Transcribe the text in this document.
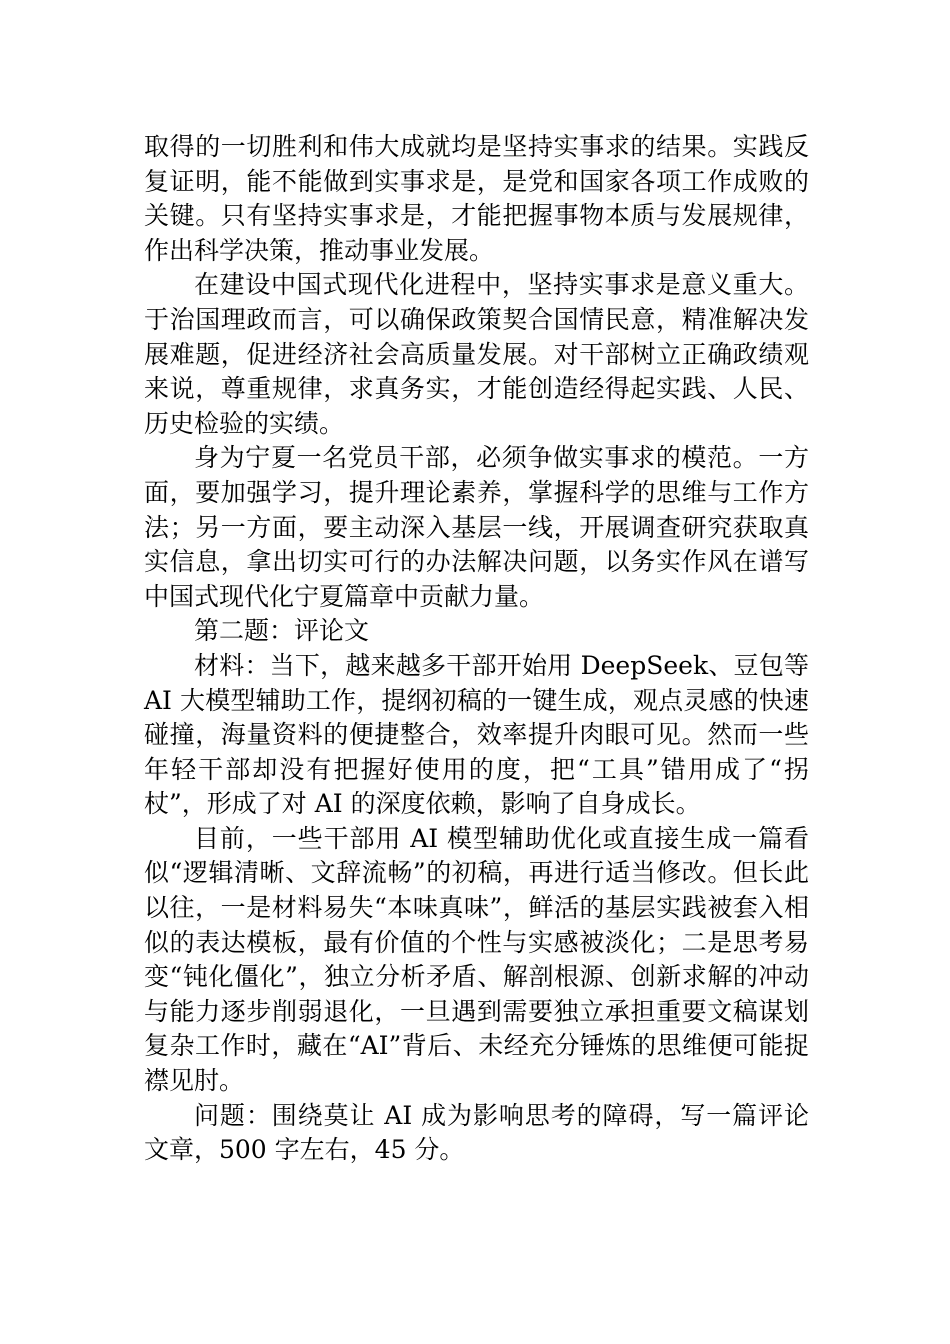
取得的一切胜利和伟大成就均是坚持实事求的结果。实践反复证明，能不能做到实事求是，是党和国家各项工作成败的关键。只有坚持实事求是，才能把握事物本质与发展规律，作出科学决策，推动事业发展。

在建设中国式现代化进程中，坚持实事求是意义重大。于治国理政而言，可以确保政策契合国情民意，精准解决发展难题，促进经济社会高质量发展。对干部树立正确政绩观来说，尊重规律，求真务实，才能创造经得起实践、人民、历史检验的实绩。

身为宁夏一名党员干部，必须争做实事求的模范。一方面，要加强学习，提升理论素养，掌握科学的思维与工作方法；另一方面，要主动深入基层一线，开展调查研究获取真实信息，拿出切实可行的办法解决问题，以务实作风在谱写中国式现代化宁夏篇章中贡献力量。

第二题：评论文

材料：当下，越来越多干部开始用 DeepSeek、豆包等AI 大模型辅助工作，提纲初稿的一键生成，观点灵感的快速碰撞，海量资料的便捷整合，效率提升肉眼可见。然而一些年轻干部却没有把握好使用的度，把“工具”错用成了“拐杖”，形成了对 AI 的深度依赖，影响了自身成长。

目前，一些干部用 AI 模型辅助优化或直接生成一篇看似“逻辑清晰、文辞流畅”的初稿，再进行适当修改。但长此以往，一是材料易失“本味真味”，鲜活的基层实践被套入相似的表达模板，最有价值的个性与实感被淡化；二是思考易变“钝化僵化”，独立分析矛盾、解剖根源、创新求解的冲动与能力逐步削弱退化，一旦遇到需要独立承担重要文稿谋划复杂工作时，藏在“AI”背后、未经充分锤炼的思维便可能捉襟见肘。

问题：围绕莫让 AI 成为影响思考的障碍，写一篇评论文章，500 字左右，45 分。
